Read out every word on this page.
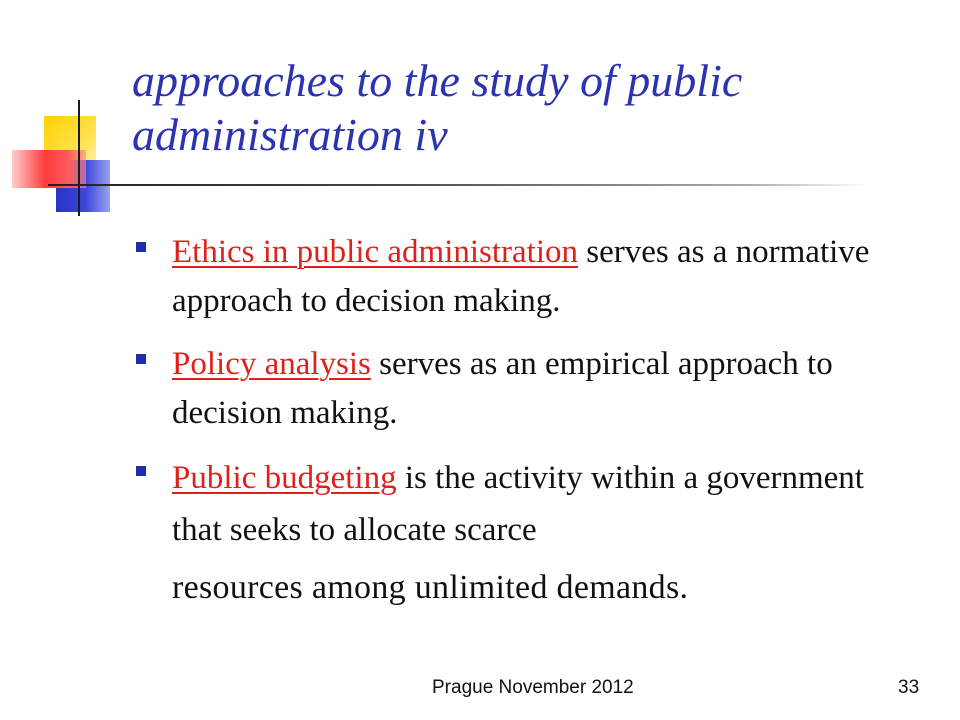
approaches to the study of public
administration iv
Ethics in public administration serves as a normative approach to decision making.
Policy analysis serves as an empirical approach to decision making.
Public budgeting is the activity within a government that seeks to allocate scarce
resources among unlimited demands.
Prague November 2012	33
